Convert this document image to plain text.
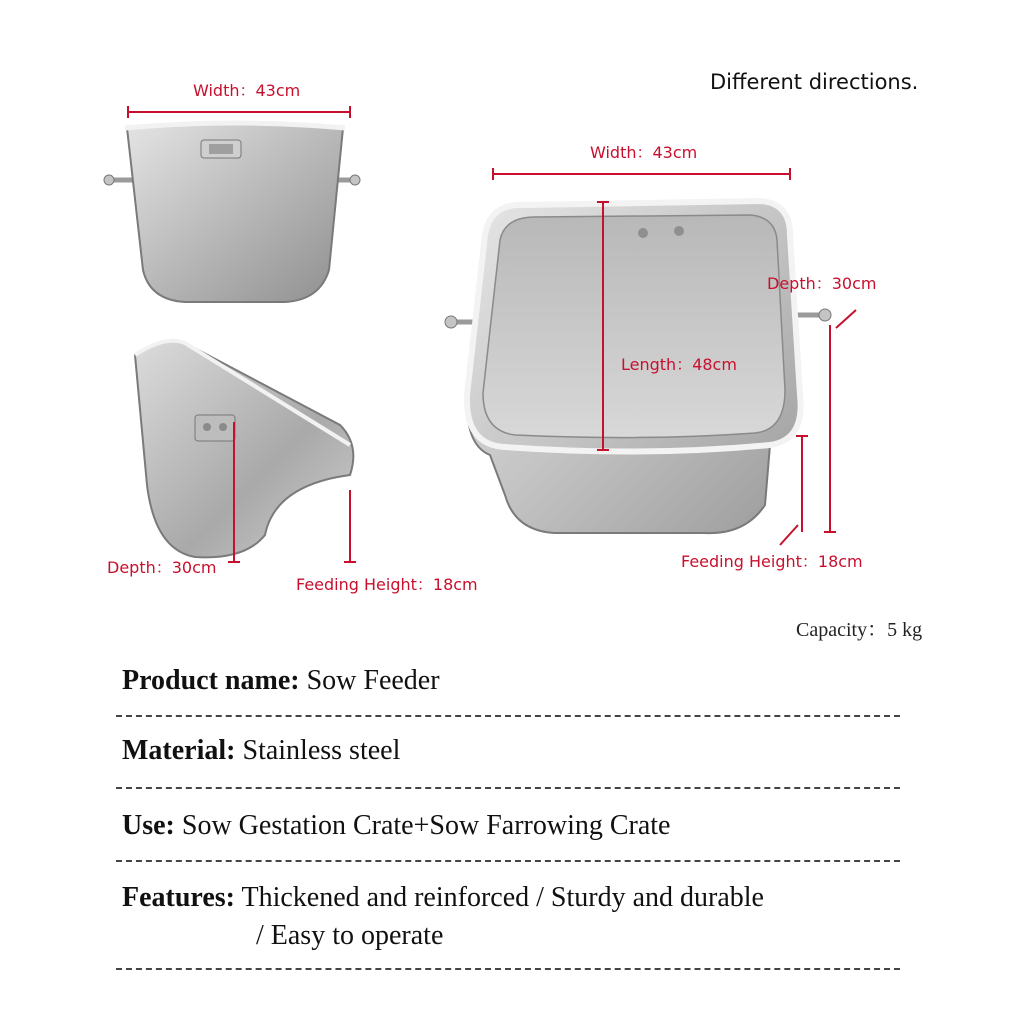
Different directions.
Width：43cm
Depth：30cm
Feeding Height：18cm
Width：43cm
Length：48cm
Depth：30cm
Feeding Height：18cm
Capacity：5 kg
Product name: Sow Feeder
Material: Stainless steel
Use: Sow Gestation Crate+Sow Farrowing Crate
Features: Thickened and reinforced / Sturdy and durable
/ Easy to operate
